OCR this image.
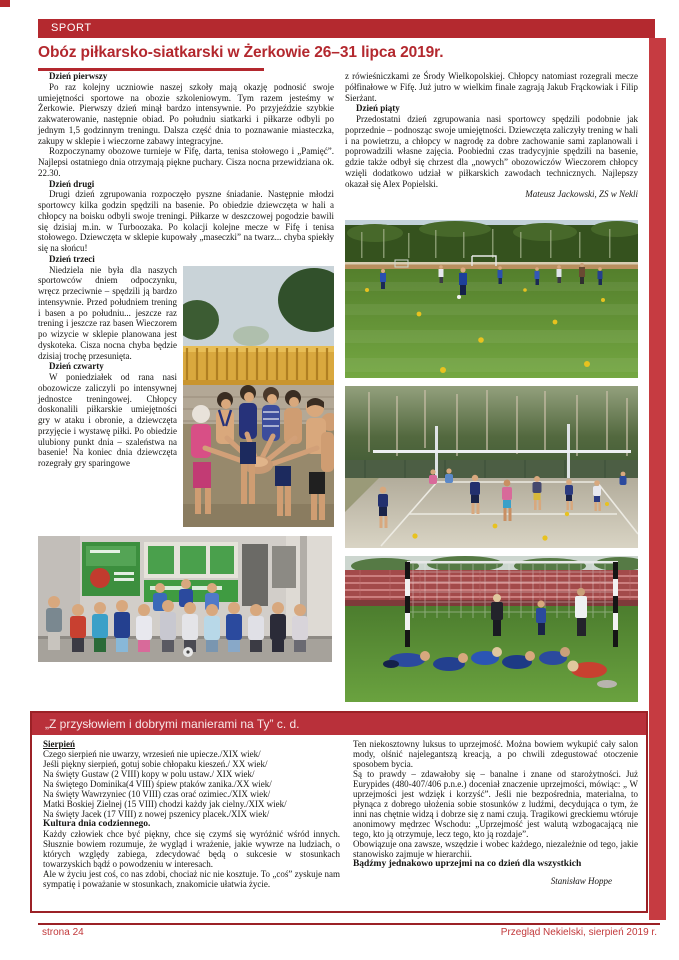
SPORT
Obóz piłkarsko-siatkarski w Żerkowie 26–31 lipca 2019r.
Dzień pierwszy

Po raz kolejny uczniowie naszej szkoły mają okazję podnosić swoje umiejętności sportowe na obozie szkoleniowym. Tym razem jesteśmy w Żerkowie. Pierwszy dzień minął bardzo intensywnie. Po przyjeździe szybkie zakwaterowanie, następnie obiad. Po południu siatkarki i piłkarze odbyli po jednym 1,5 godzinnym treningu. Dalsza część dnia to poznawanie miasteczka, zakupy w sklepie i wieczorne zabawy integracyjne.

Rozpoczynamy obozowe turnieje w Fifę, darta, tenisa stołowego i „Pamięć”. Najlepsi ostatniego dnia otrzymają piękne puchary. Cisza nocna przewidziana ok. 22.30.

Dzień drugi

Drugi dzień zgrupowania rozpoczęło pyszne śniadanie. Następnie młodzi sportowcy kilka godzin spędzili na basenie. Po obiedzie dziewczęta w hali a chłopcy na boisku odbyli swoje treningi. Piłkarze w deszczowej pogodzie bawili się dzisiaj m.in. w Turboozaka. Po kolacji kolejne mecze w Fifę i tenisa stołowego. Dziewczęta w sklepie kupowały „maseczki” na twarz... chyba spiekły się na słońcu!

Dzień trzeci

Niedziela nie była dla naszych sportowców dniem odpoczynku, wręcz przeciwnie – spędzili ją bardzo intensywnie. Przed południem trening i basen a po południu... jeszcze raz trening i jeszcze raz basen Wieczorem po wizycie w sklepie planowana jest dyskoteka. Cisza nocna chyba będzie dzisiaj trochę przesunięta.

Dzień czwarty

W poniedziałek od rana nasi obozowicze zaliczyli po intensywnej jednostce treningowej. Chłopcy doskonalili piłkarskie umiejętności gry w ataku i obronie, a dziewczęta przyjęcie i wystawę piłki. Po obiedzie ulubiony punkt dnia – szaleństwa na basenie! Na koniec dnia dziewczęta rozegrały gry sparingowe

z rówieśniczkami ze Środy Wielkopolskiej. Chłopcy natomiast rozegrali mecze półfinałowe w Fifę. Już jutro w wielkim finale zagrają Jakub Frąckowiak i Filip Sierżant.

Dzień piąty

Przedostatni dzień zgrupowania nasi sportowcy spędzili podobnie jak poprzednie – podnosząc swoje umiejętności. Dziewczęta zaliczyły trening w hali i na powietrzu, a chłopcy w nagrodę za dobre zachowanie sami zaplanowali i poprowadzili własne zajęcia. Poobiedni czas tradycyjnie spędzili na basenie, gdzie także odbył się chrzest dla „nowych” obozowiczów Wieczorem chłopcy wzięli dodatkowo udział w piłkarskich zawodach technicznych. Najlepszy okazał się Alex Popielski.

Mateusz Jackowski, ZS w Nekli

„Z przysłowiem i dobrymi manierami na Ty” c. d.
Sierpień
Czego sierpień nie uwarzy, wrzesień nie upiecze./XIX wiek/
Jeśli piękny sierpień, gotuj sobie chłopaku kieszeń./ XX wiek/
Na święty Gustaw (2 VIII) kopy w polu ustaw./ XIX wiek/
Na świętego Dominika(4 VIII) śpiew ptaków zanika./XX wiek/
Na święty Wawrzyniec (10 VIII) czas orać ozimiec./XIX wiek/
Matki Boskiej Zielnej (15 VIII) chodzi każdy jak cielny./XIX wiek/
Na święty Jacek (17 VIII) z nowej pszenicy placek./XIX wiek/
Kultura dnia codziennego.

Każdy człowiek chce być piękny, chce się czymś się wyróżnić wśród innych. Słusznie bowiem rozumuje, że wygląd i wrażenie, jakie wywrze na ludziach, o których względy zabiega, zdecydować będą o sukcesie w stosunkach towarzyskich bądź o powodzeniu w interesach.

Ale w życiu jest coś, co nas zdobi, chociaż nic nie kosztuje. To „coś” zyskuje nam sympatię i poważanie w stosunkach, znakomicie ułatwia życie.

Ten niekosztowny luksus to uprzejmość. Można bowiem wykupić cały salon mody, olśnić najelegantszą kreacją, a po chwili zdegustować otoczenie sposobem bycia.

Są to prawdy – zdawałoby się – banalne i znane od starożytności. Już Eurypides (480-407/406 p.n.e.) doceniał znaczenie uprzejmości, mówiąc: „ W uprzejmości jest wdzięk i korzyść”. Jeśli nie bezpośrednia, materialna, to płynąca z dobrego ułożenia sobie stosunków z ludźmi, decydująca o tym, że inni nas chętnie widzą i dobrze się z nami czują. Tragikowi greckiemu wtóruje anonimowy mędrzec Wschodu: „Uprzejmość jest walutą wzbogacającą nie tego, kto ją otrzymuje, lecz tego, kto ją rozdaje”.

Obowiązuje ona zawsze, wszędzie i wobec każdego, niezależnie od tego, jakie stanowisko zajmuje w hierarchii.

Bądźmy jednakowo uprzejmi na co dzień dla wszystkich
Stanisław Hoppe
strona 24	Przegląd Nekielski, sierpień 2019 r.
